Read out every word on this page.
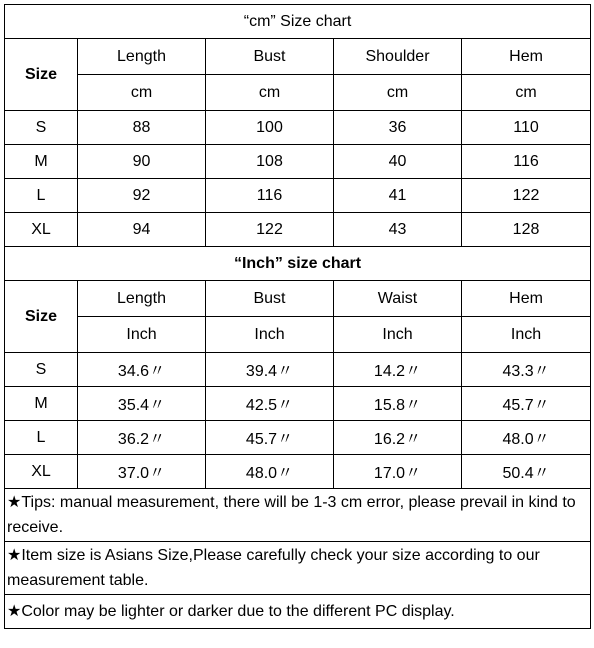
“cm” Size chart				
Size	Length	Bust	Shoulder	Hem
	cm	cm	cm	cm
S	88	100	36	110
M	90	108	40	116
L	92	116	41	122
XL	94	122	43	128
“Inch” size chart				
Size	Length	Bust	Waist	Hem
	Inch	Inch	Inch	Inch
S	34.6〃	39.4〃	14.2〃	43.3〃
M	35.4〃	42.5〃	15.8〃	45.7〃
L	36.2〃	45.7〃	16.2〃	48.0〃
XL	37.0〃	48.0〃	17.0〃	50.4〃
★Tips: manual measurement, there will be 1-3 cm error, please prevail in kind to receive.				
★Item size is Asians Size,Please carefully check your size according to our measurement table.				
★Color may be lighter or darker due to the different PC display.				
